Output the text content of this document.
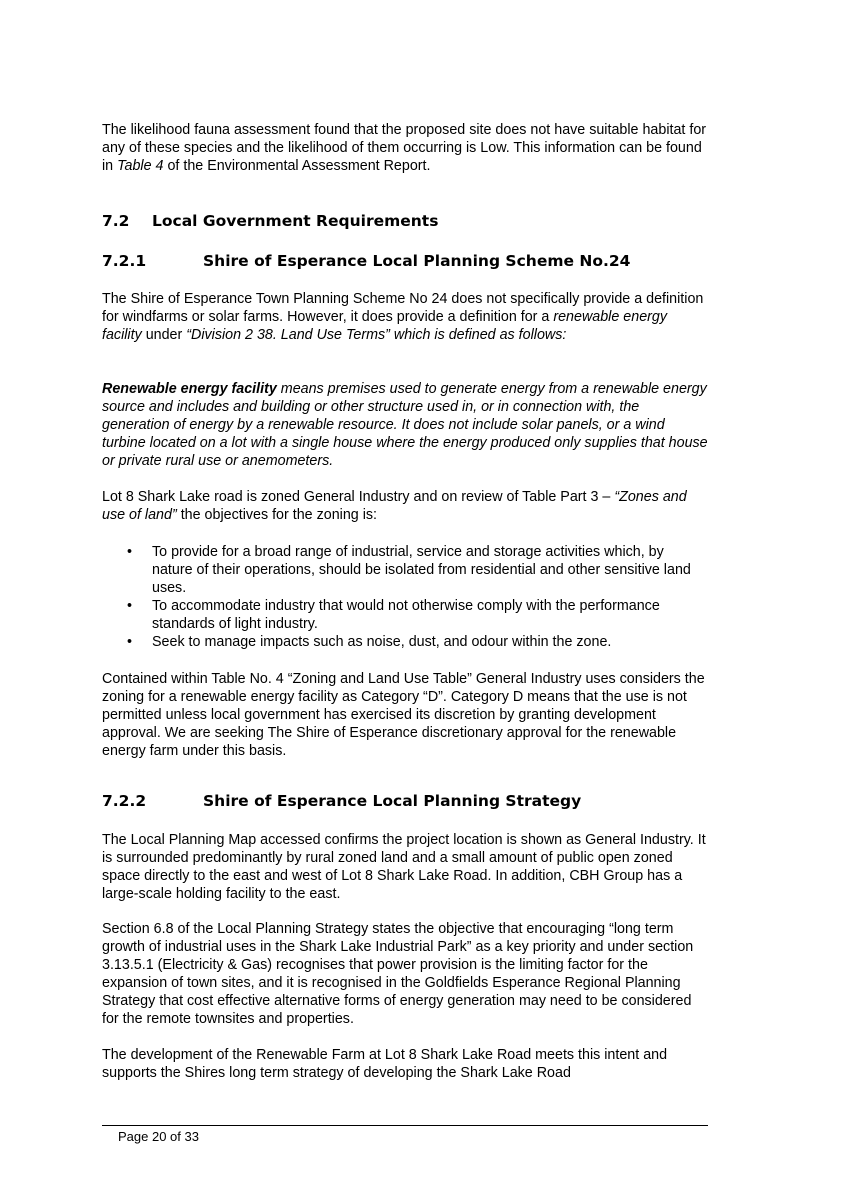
The likelihood fauna assessment found that the proposed site does not have suitable habitat for any of these species and the likelihood of them occurring is Low. This information can be found in Table 4 of the Environmental Assessment Report.

7.2 Local Government Requirements
7.2.1	Shire of Esperance Local Planning Scheme No.24

The Shire of Esperance Town Planning Scheme No 24 does not specifically provide a definition for windfarms or solar farms. However, it does provide a definition for a renewable energy facility under “Division 2 38. Land Use Terms” which is defined as follows:

Renewable energy facility means premises used to generate energy from a renewable energy source and includes and building or other structure used in, or in connection with, the generation of energy by a renewable resource. It does not include solar panels, or a wind turbine located on a lot with a single house where the energy produced only supplies that house or private rural use or anemometers.

Lot 8 Shark Lake road is zoned General Industry and on review of Table Part 3 – “Zones and use of land” the objectives for the zoning is:

• To provide for a broad range of industrial, service and storage activities which, by nature of their operations, should be isolated from residential and other sensitive land uses.
• To accommodate industry that would not otherwise comply with the performance standards of light industry.
• Seek to manage impacts such as noise, dust, and odour within the zone.

Contained within Table No. 4 “Zoning and Land Use Table” General Industry uses considers the zoning for a renewable energy facility as Category “D”. Category D means that the use is not permitted unless local government has exercised its discretion by granting development approval. We are seeking The Shire of Esperance discretionary approval for the renewable energy farm under this basis.

7.2.2	Shire of Esperance Local Planning Strategy

The Local Planning Map accessed confirms the project location is shown as General Industry. It is surrounded predominantly by rural zoned land and a small amount of public open zoned space directly to the east and west of Lot 8 Shark Lake Road. In addition, CBH Group has a large-scale holding facility to the east.

Section 6.8 of the Local Planning Strategy states the objective that encouraging “long term growth of industrial uses in the Shark Lake Industrial Park” as a key priority and under section 3.13.5.1 (Electricity & Gas) recognises that power provision is the limiting factor for the expansion of town sites, and it is recognised in the Goldfields Esperance Regional Planning Strategy that cost effective alternative forms of energy generation may need to be considered for the remote townsites and properties.

The development of the Renewable Farm at Lot 8 Shark Lake Road meets this intent and supports the Shires long term strategy of developing the Shark Lake Road

Page 20 of 33
